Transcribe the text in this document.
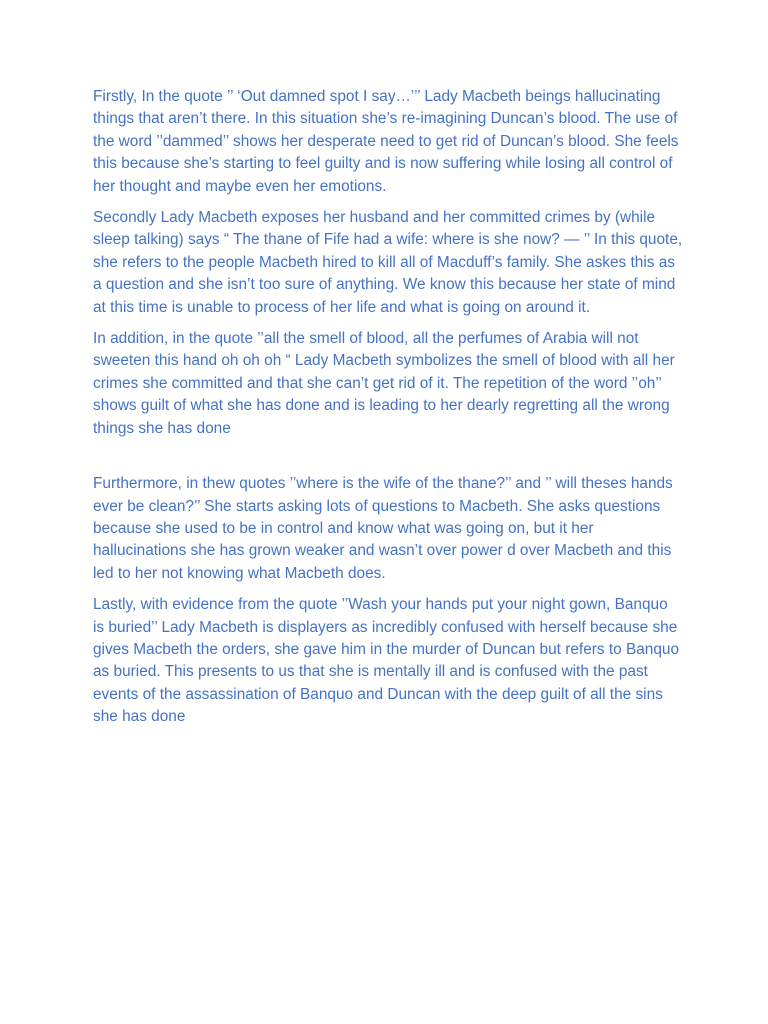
Firstly, In the quote ’’ ‘Out damned spot I say…’’’ Lady Macbeth beings hallucinating things that aren’t there. In this situation she’s re-imagining Duncan’s blood. The use of the word ’’dammed’’ shows her desperate need to get rid of Duncan’s blood. She feels this because she’s starting to feel guilty and is now suffering while losing all control of her thought and maybe even her emotions.

Secondly Lady Macbeth exposes her husband and her committed crimes by (while sleep talking) says “ The thane of Fife had a wife: where is she now? — ’’ In this quote, she refers to the people Macbeth hired to kill all of Macduff’s family. She askes this as a question and she isn’t too sure of anything. We know this because her state of mind at this time is unable to process of her life and what is going on around it.

In addition, in the quote ’’all the smell of blood, all the perfumes of Arabia will not sweeten this hand oh oh oh “ Lady Macbeth symbolizes the smell of blood with all her crimes she committed and that she can’t get rid of it. The repetition of the word ’’oh’’ shows guilt of what she has done and is leading to her dearly regretting all the wrong things she has done

Furthermore, in thew quotes ’’where is the wife of the thane?’’ and ’’ will theses hands ever be clean?’’ She starts asking lots of questions to Macbeth. She asks questions because she used to be in control and know what was going on, but it her hallucinations she has grown weaker and wasn’t over power d over Macbeth and this led to her not knowing what Macbeth does.

Lastly, with evidence from the quote ’’Wash your hands put your night gown, Banquo is buried’’ Lady Macbeth is displayers as incredibly confused with herself because she gives Macbeth the orders, she gave him in the murder of Duncan but refers to Banquo as buried. This presents to us that she is mentally ill and is confused with the past events of the assassination of Banquo and Duncan with the deep guilt of all the sins she has done
